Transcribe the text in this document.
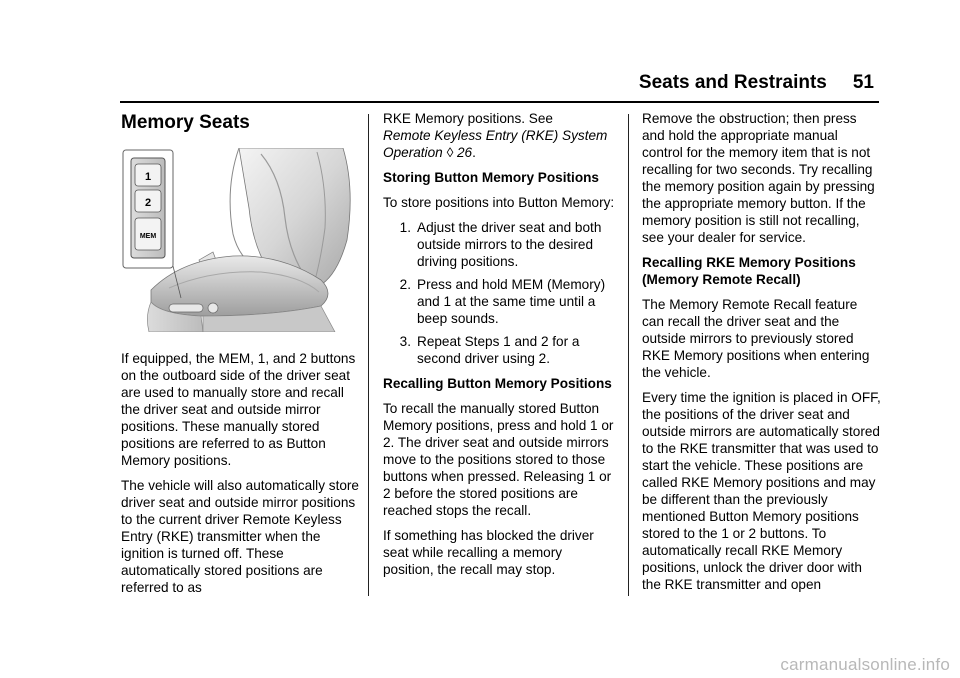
Seats and Restraints 51
Memory Seats
1
2
MEM

If equipped, the MEM, 1, and 2 buttons on the outboard side of the driver seat are used to manually store and recall the driver seat and outside mirror positions. These manually stored positions are referred to as Button Memory positions.

The vehicle will also automatically store driver seat and outside mirror positions to the current driver Remote Keyless Entry (RKE) transmitter when the ignition is turned off. These automatically stored positions are referred to as

RKE Memory positions. See
Remote Keyless Entry (RKE) System Operation ◊ 26.

Storing Button Memory Positions

To store positions into Button Memory:

1. Adjust the driver seat and both outside mirrors to the desired driving positions.
2. Press and hold MEM (Memory) and 1 at the same time until a beep sounds.
3. Repeat Steps 1 and 2 for a second driver using 2.

Recalling Button Memory Positions

To recall the manually stored Button Memory positions, press and hold 1 or 2. The driver seat and outside mirrors move to the positions stored to those buttons when pressed. Releasing 1 or 2 before the stored positions are reached stops the recall.

If something has blocked the driver seat while recalling a memory position, the recall may stop.

Remove the obstruction; then press and hold the appropriate manual control for the memory item that is not recalling for two seconds. Try recalling the memory position again by pressing the appropriate memory button. If the memory position is still not recalling, see your dealer for service.

Recalling RKE Memory Positions (Memory Remote Recall)

The Memory Remote Recall feature can recall the driver seat and the outside mirrors to previously stored RKE Memory positions when entering the vehicle.

Every time the ignition is placed in OFF, the positions of the driver seat and outside mirrors are automatically stored to the RKE transmitter that was used to start the vehicle. These positions are called RKE Memory positions and may be different than the previously mentioned Button Memory positions stored to the 1 or 2 buttons. To automatically recall RKE Memory positions, unlock the driver door with the RKE transmitter and open

carmanualsonline.info
